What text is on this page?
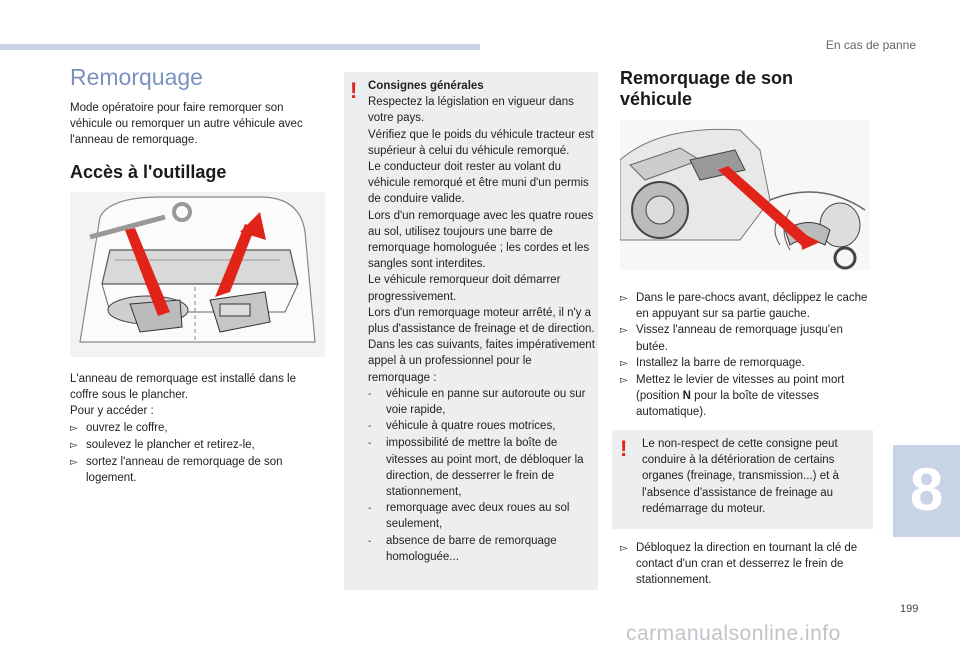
En cas de panne
Remorquage
Mode opératoire pour faire remorquer son véhicule ou remorquer un autre véhicule avec l'anneau de remorquage.
Accès à l'outillage
L'anneau de remorquage est installé dans le
coffre sous le plancher.
Pour y accéder :
▻ ouvrez le coffre,
▻ soulevez le plancher et retirez-le,
▻ sortez l'anneau de remorquage de son logement.
! Consignes générales
Respectez la législation en vigueur dans votre pays.
Vérifiez que le poids du véhicule tracteur est supérieur à celui du véhicule remorqué.
Le conducteur doit rester au volant du véhicule remorqué et être muni d'un permis de conduire valide.
Lors d'un remorquage avec les quatre roues au sol, utilisez toujours une barre de remorquage homologuée ; les cordes et les sangles sont interdites.
Le véhicule remorqueur doit démarrer progressivement.
Lors d'un remorquage moteur arrêté, il n'y a plus d'assistance de freinage et de direction.
Dans les cas suivants, faites impérativement appel à un professionnel pour le remorquage :
-	véhicule en panne sur autoroute ou sur voie rapide,
-	véhicule à quatre roues motrices,
-	impossibilité de mettre la boîte de vitesses au point mort, de débloquer la direction, de desserrer le frein de stationnement,
-	remorquage avec deux roues au sol seulement,
-	absence de barre de remorquage homologuée...
Remorquage de son véhicule
▻ Dans le pare-chocs avant, déclippez le cache en appuyant sur sa partie gauche.
▻ Vissez l'anneau de remorquage jusqu'en butée.
▻ Installez la barre de remorquage.
▻ Mettez le levier de vitesses au point mort (position N pour la boîte de vitesses automatique).
! Le non-respect de cette consigne peut conduire à la détérioration de certains organes (freinage, transmission...) et à l'absence d'assistance de freinage au redémarrage du moteur.
▻ Débloquez la direction en tournant la clé de contact d'un cran et desserrez le frein de stationnement.
8
199
carmanualsonline.info
